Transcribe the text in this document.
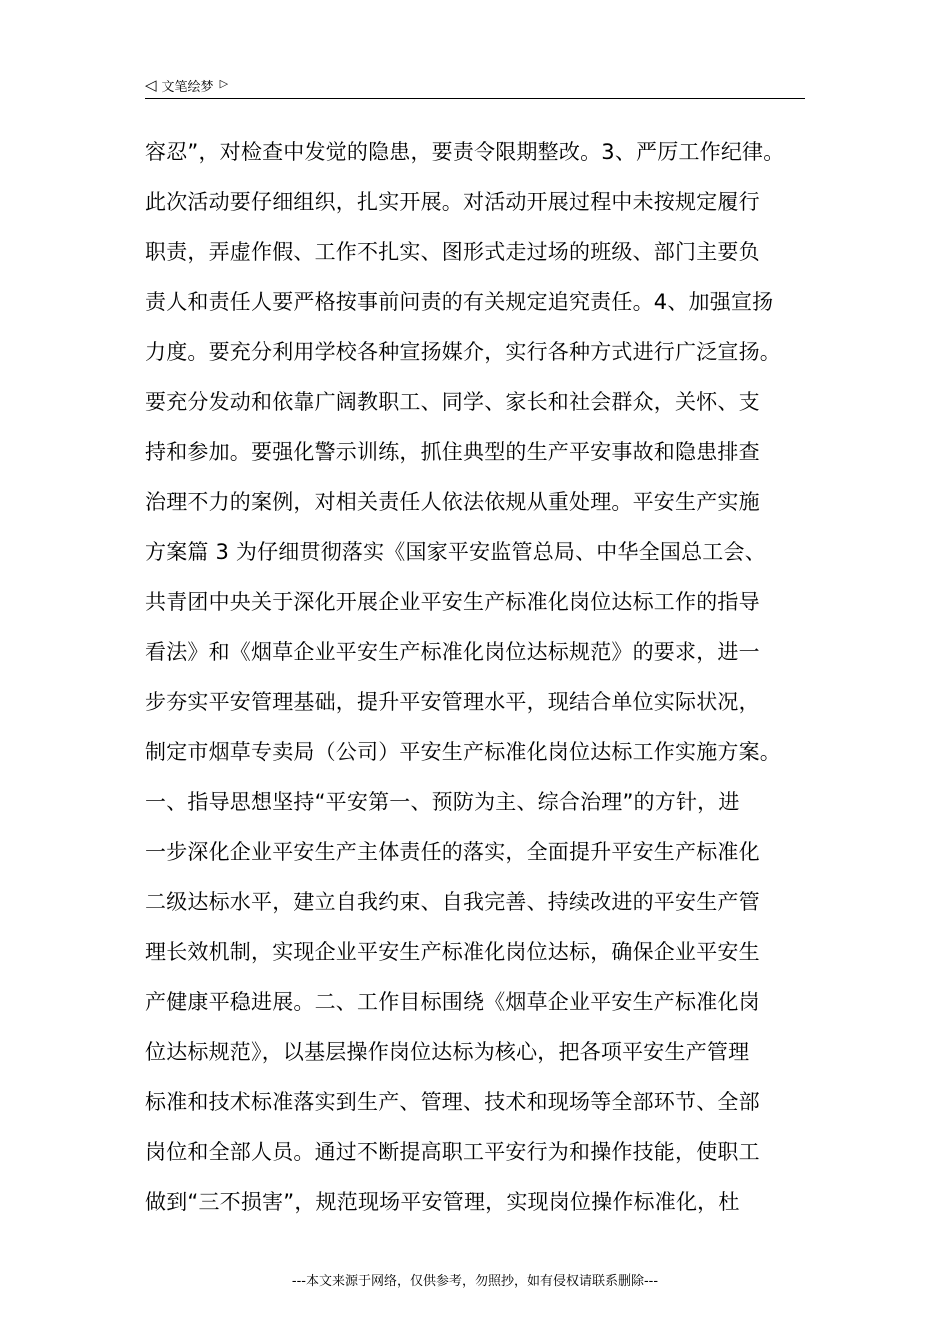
◁ 文笔绘梦 ▷
容忍”，对检查中发觉的隐患，要责令限期整改。3、严厉工作纪律。
此次活动要仔细组织，扎实开展。对活动开展过程中未按规定履行
职责，弄虚作假、工作不扎实、图形式走过场的班级、部门主要负
责人和责任人要严格按事前问责的有关规定追究责任。4、加强宣扬
力度。要充分利用学校各种宣扬媒介，实行各种方式进行广泛宣扬。
要充分发动和依靠广阔教职工、同学、家长和社会群众，关怀、支
持和参加。要强化警示训练，抓住典型的生产平安事故和隐患排查
治理不力的案例，对相关责任人依法依规从重处理。平安生产实施
方案篇 3 为仔细贯彻落实《国家平安监管总局、中华全国总工会、
共青团中央关于深化开展企业平安生产标准化岗位达标工作的指导
看法》和《烟草企业平安生产标准化岗位达标规范》的要求，进一
步夯实平安管理基础，提升平安管理水平，现结合单位实际状况，
制定市烟草专卖局（公司）平安生产标准化岗位达标工作实施方案。
一、指导思想坚持“平安第一、预防为主、综合治理”的方针，进
一步深化企业平安生产主体责任的落实，全面提升平安生产标准化
二级达标水平，建立自我约束、自我完善、持续改进的平安生产管
理长效机制，实现企业平安生产标准化岗位达标，确保企业平安生
产健康平稳进展。二、工作目标围绕《烟草企业平安生产标准化岗
位达标规范》，以基层操作岗位达标为核心，把各项平安生产管理
标准和技术标准落实到生产、管理、技术和现场等全部环节、全部
岗位和全部人员。通过不断提高职工平安行为和操作技能，使职工
做到“三不损害”，规范现场平安管理，实现岗位操作标准化，杜
---本文来源于网络，仅供参考，勿照抄，如有侵权请联系删除---
